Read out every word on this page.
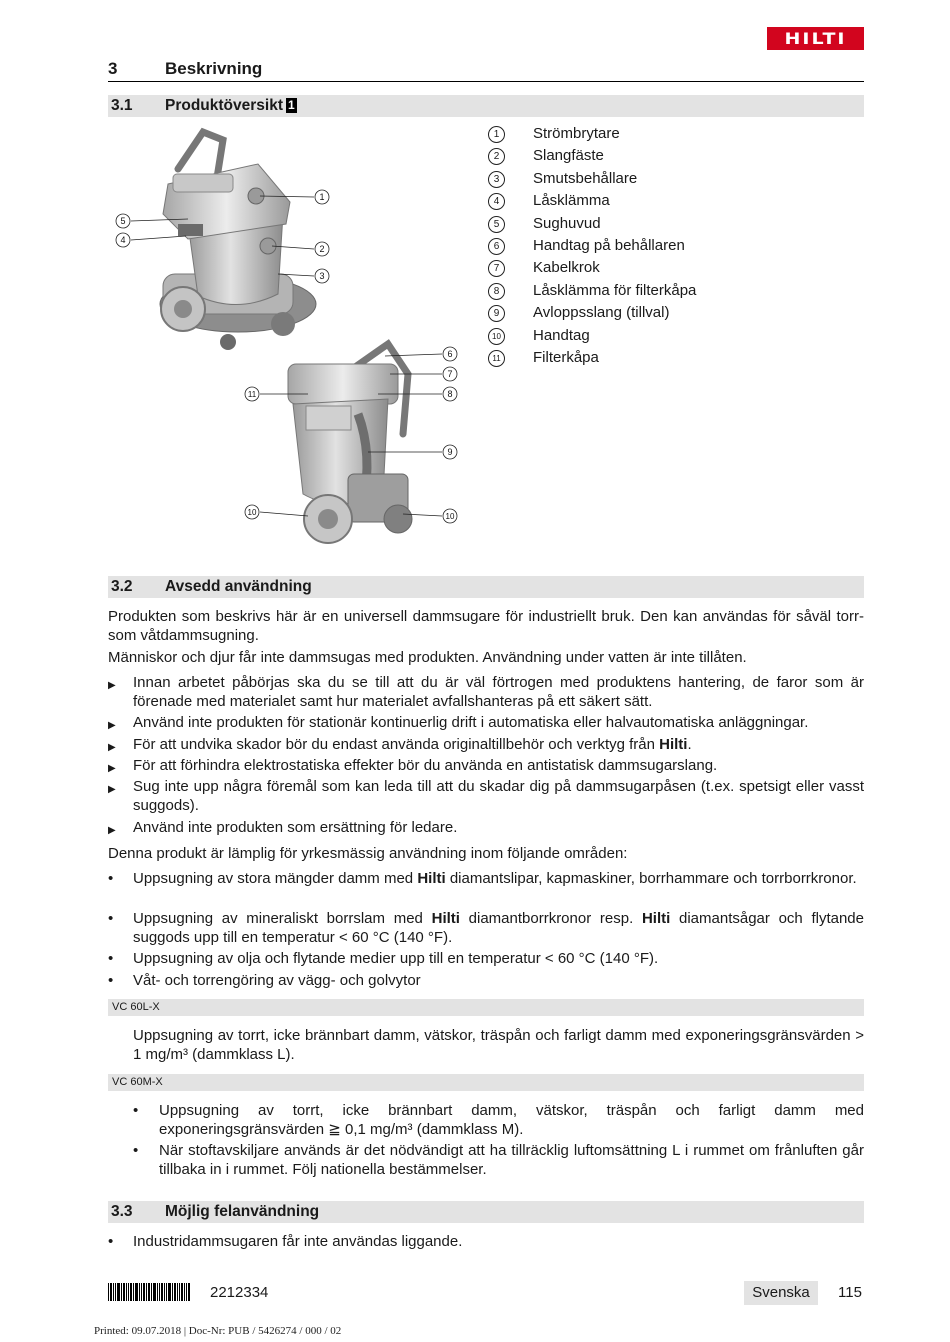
HILTI
3	Beskrivning
3.1 Produktöversikt 1
1
2
3
5
4
6
7
8
11
9
10	10
1	Strömbrytare
2	Slangfäste
3	Smutsbehållare
4	Låsklämma
5	Sughuvud
6	Handtag på behållaren
7	Kabelkrok
8	Låsklämma för filterkåpa
9	Avloppsslang (tillval)
10 Handtag
11 Filterkåpa
3.2 Avsedd användning
Produkten som beskrivs här är en universell dammsugare för industriellt bruk. Den kan användas för såväl torr- som våtdammsugning.
Människor och djur får inte dammsugas med produkten. Användning under vatten är inte tillåten.
▶ Innan arbetet påbörjas ska du se till att du är väl förtrogen med produktens hantering, de faror som är förenade med materialet samt hur materialet avfallshanteras på ett säkert sätt.
▶ Använd inte produkten för stationär kontinuerlig drift i automatiska eller halvautomatiska anläggningar.
▶ För att undvika skador bör du endast använda originaltillbehör och verktyg från Hilti.
▶ För att förhindra elektrostatiska effekter bör du använda en antistatisk dammsugarslang.
▶ Sug inte upp några föremål som kan leda till att du skadar dig på dammsugarpåsen (t.ex. spetsigt eller vasst suggods).
▶ Använd inte produkten som ersättning för ledare.
Denna produkt är lämplig för yrkesmässig användning inom följande områden:
• Uppsugning av stora mängder damm med Hilti diamantslipar, kapmaskiner, borrhammare och torrborrkronor.
• Uppsugning av mineraliskt borrslam med Hilti diamantborrkronor resp. Hilti diamantsågar och flytande suggods upp till en temperatur < 60 °C (140 °F).
• Uppsugning av olja och flytande medier upp till en temperatur < 60 °C (140 °F).
• Våt- och torrengöring av vägg- och golvytor
VC 60L-X
Uppsugning av torrt, icke brännbart damm, vätskor, träspån och farligt damm med exponeringsgränsvärden > 1 mg/m³ (dammklass L).
VC 60M-X
• Uppsugning av torrt, icke brännbart damm, vätskor, träspån och farligt damm med exponeringsgränsvärden ≧ 0,1 mg/m³ (dammklass M).
• När stoftavskiljare används är det nödvändigt att ha tillräcklig luftomsättning L i rummet om frånluften går tillbaka in i rummet. Följ nationella bestämmelser.
3.3 Möjlig felanvändning
• Industridammsugaren får inte användas liggande.
2212334	Svenska	115
Printed: 09.07.2018 | Doc-Nr: PUB / 5426274 / 000 / 02
